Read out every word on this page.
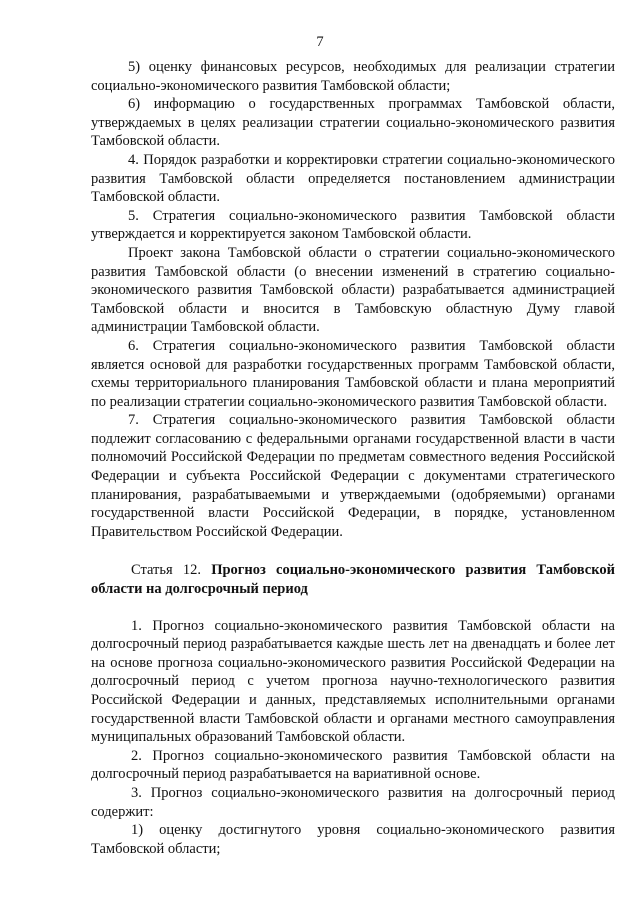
7

5) оценку финансовых ресурсов, необходимых для реализации стратегии социально-экономического развития Тамбовской области;

6) информацию о государственных программах Тамбовской области, утверждаемых в целях реализации стратегии социально-экономического развития Тамбовской области.

4. Порядок разработки и корректировки стратегии социально-экономического развития Тамбовской области определяется постановлением администрации Тамбовской области.

5. Стратегия социально-экономического развития Тамбовской области утверждается и корректируется законом Тамбовской области.

Проект закона Тамбовской области о стратегии социально-экономического развития Тамбовской области (о внесении изменений в стратегию социально-экономического развития Тамбовской области) разрабатывается администрацией Тамбовской области и вносится в Тамбовскую областную Думу главой администрации Тамбовской области.

6. Стратегия социально-экономического развития Тамбовской области является основой для разработки государственных программ Тамбовской области, схемы территориального планирования Тамбовской области и плана мероприятий по реализации стратегии социально-экономического развития Тамбовской области.

7. Стратегия социально-экономического развития Тамбовской области подлежит согласованию с федеральными органами государственной власти в части полномочий Российской Федерации по предметам совместного ведения Российской Федерации и субъекта Российской Федерации с документами стратегического планирования, разрабатываемыми и утверждаемыми (одобряемыми) органами государственной власти Российской Федерации, в порядке, установленном Правительством Российской Федерации.

Статья 12. Прогноз социально-экономического развития Тамбовской области на долгосрочный период

1. Прогноз социально-экономического развития Тамбовской области на долгосрочный период разрабатывается каждые шесть лет на двенадцать и более лет на основе прогноза социально-экономического развития Российской Федерации на долгосрочный период с учетом прогноза научно-технологического развития Российской Федерации и данных, представляемых исполнительными органами государственной власти Тамбовской области и органами местного самоуправления муниципальных образований Тамбовской области.

2. Прогноз социально-экономического развития Тамбовской области на долгосрочный период разрабатывается на вариативной основе.

3. Прогноз социально-экономического развития на долгосрочный период содержит:

1) оценку достигнутого уровня социально-экономического развития Тамбовской области;
